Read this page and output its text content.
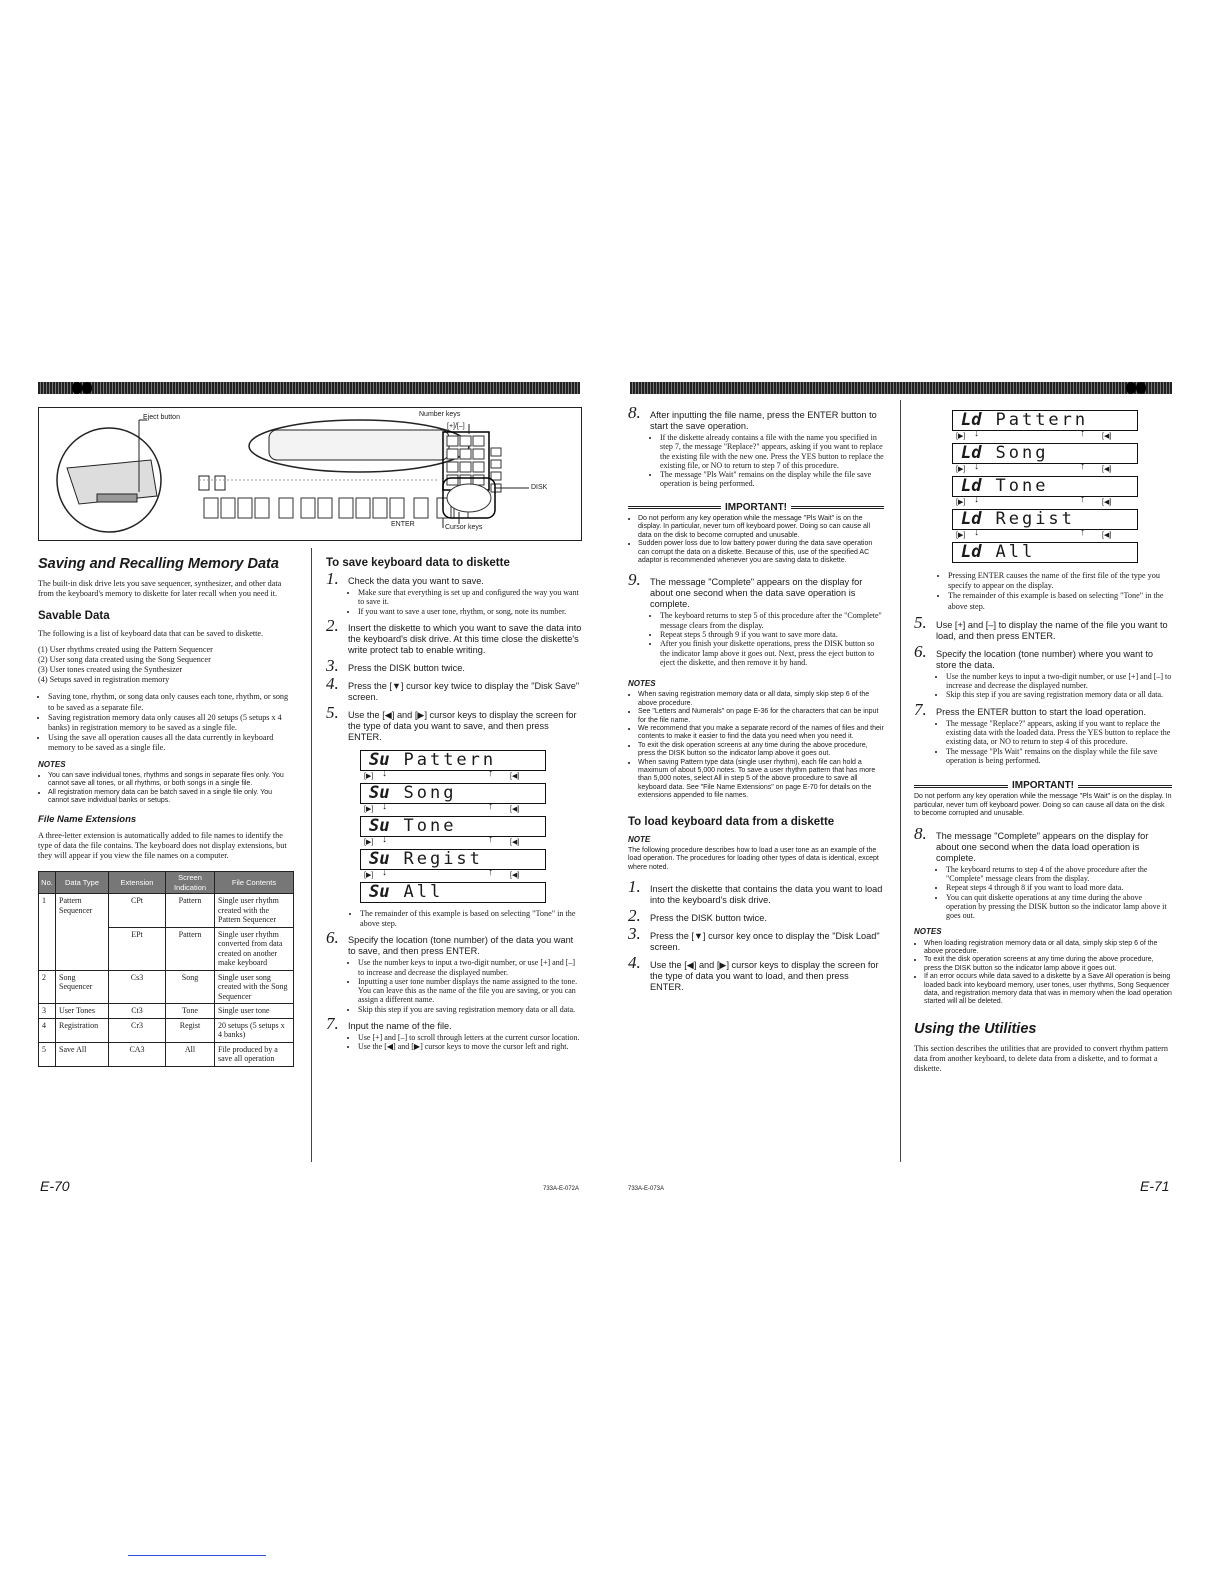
Eject button	Number keys
[+]/[–]
DISK
ENTER	Cursor keys
Saving and Recalling Memory Data

The built-in disk drive lets you save sequencer, synthesizer, and other data from the keyboard's memory to diskette for later recall when you need it.

Savable Data

The following is a list of keyboard data that can be saved to diskette.

(1) User rhythms created using the Pattern Sequencer
(2) User song data created using the Song Sequencer
(3) User tones created using the Synthesizer
(4) Setups saved in registration memory
• Saving tone, rhythm, or song data only causes each tone, rhythm, or song to be saved as a separate file.
• Saving registration memory data only causes all 20 setups (5 setups x 4 banks) in registration memory to be saved as a single file.
• Using the save all operation causes all the data currently in keyboard memory to be saved as a single file.
NOTES
• You can save individual tones, rhythms and songs in separate files only. You cannot save all tones, or all rhythms, or both songs in a single file.
• All registration memory data can be batch saved in a single file only. You cannot save individual banks or setups.
File Name Extensions

A three-letter extension is automatically added to file names to identify the type of data the file contains. The keyboard does not display extensions, but they will appear if you view the file names on a computer.

No.	Data Type	Extension	Screen Indication	File Contents
1	Pattern Sequencer	CPt	Pattern	Single user rhythm created with the Pattern Sequencer
		EPt	Pattern	Single user rhythm converted from data created on another make keyboard
2	Song Sequencer	Cs3	Song	Single user song created with the Song Sequencer
3	User Tones	Ct3	Tone	Single user tone
4	Registration	Cr3	Regist	20 setups (5 setups x 4 banks)
5	Save All	CA3	All	File produced by a save all operation
To save keyboard data to diskette
1. Check the data you want to save.
• Make sure that everything is set up and configured the way you want to save it.
• If you want to save a user tone, rhythm, or song, note its number.
2. Insert the diskette to which you want to save the data into the keyboard's disk drive. At this time close the diskette's write protect tab to enable writing.
3. Press the DISK button twice.
4. Press the [▼] cursor key twice to display the "Disk Save" screen.
5. Use the [◀] and [▶] cursor keys to display the screen for the type of data you want to save, and then press ENTER.
Su Pattern
[▶] ↓	↑ [◀]
Su Song
[▶] ↓	↑ [◀]
Su Tone
[▶] ↓	↑ [◀]
Su Regist
[▶] ↓	↑ [◀]
Su All
• The remainder of this example is based on selecting "Tone" in the above step.
6. Specify the location (tone number) of the data you want to save, and then press ENTER.
• Use the number keys to input a two-digit number, or use [+] and [–] to increase and decrease the displayed number.
• Inputting a user tone number displays the name assigned to the tone. You can leave this as the name of the file you are saving, or you can assign a different name.
• Skip this step if you are saving registration memory data or all data.
7. Input the name of the file.
• Use [+] and [–] to scroll through letters at the current cursor location.
• Use the [◀] and [▶] cursor keys to move the cursor left and right.
E-70	733A-E-072A
8. After inputting the file name, press the ENTER button to start the save operation.
• If the diskette already contains a file with the name you specified in step 7, the message "Replace?" appears, asking if you want to replace the existing file with the new one. Press the YES button to replace the existing file, or NO to return to step 7 of this procedure.
• The message "Pls Wait" remains on the display while the file save operation is being performed.
IMPORTANT!
• Do not perform any key operation while the message "Pls Wait" is on the display. In particular, never turn off keyboard power. Doing so can cause all data on the disk to become corrupted and unusable.
• Sudden power loss due to low battery power during the data save operation can corrupt the data on a diskette. Because of this, use of the specified AC adaptor is recommended whenever you are saving data to diskette.
9. The message "Complete" appears on the display for about one second when the data save operation is complete.
• The keyboard returns to step 5 of this procedure after the "Complete" message clears from the display.
• Repeat steps 5 through 9 if you want to save more data.
• After you finish your diskette operations, press the DISK button so the indicator lamp above it goes out. Next, press the eject button to eject the diskette, and then remove it by hand.
NOTES
• When saving registration memory data or all data, simply skip step 6 of the above procedure.
• See "Letters and Numerals" on page E-36 for the characters that can be input for the file name.
• We recommend that you make a separate record of the names of files and their contents to make it easier to find the data you need when you need it.
• To exit the disk operation screens at any time during the above procedure, press the DISK button so the indicator lamp above it goes out.
• When saving Pattern type data (single user rhythm), each file can hold a maximum of about 5,000 notes. To save a user rhythm pattern that has more than 5,000 notes, select All in step 5 of the above procedure to save all keyboard data. See "File Name Extensions" on page E-70 for details on the extensions appended to file names.
To load keyboard data from a diskette
NOTE

The following procedure describes how to load a user tone as an example of the load operation. The procedures for loading other types of data is identical, except where noted.

1. Insert the diskette that contains the data you want to load into the keyboard's disk drive.
2. Press the DISK button twice.
3. Press the [▼] cursor key once to display the "Disk Load" screen.
4. Use the [◀] and [▶] cursor keys to display the screen for the type of data you want to load, and then press ENTER.
Ld Pattern
[▶] ↓	↑ [◀]
Ld Song
[▶] ↓	↑ [◀]
Ld Tone
[▶] ↓	↑ [◀]
Ld Regist
[▶] ↓	↑ [◀]
Ld All
• Pressing ENTER causes the name of the first file of the type you specify to appear on the display.
• The remainder of this example is based on selecting "Tone" in the above step.
5. Use [+] and [–] to display the name of the file you want to load, and then press ENTER.
6. Specify the location (tone number) where you want to store the data.
• Use the number keys to input a two-digit number, or use [+] and [–] to increase and decrease the displayed number.
• Skip this step if you are saving registration memory data or all data.
7. Press the ENTER button to start the load operation.
• The message "Replace?" appears, asking if you want to replace the existing data with the loaded data. Press the YES button to replace the existing data, or NO to return to step 4 of this procedure.
• The message "Pls Wait" remains on the display while the file save operation is being performed.
IMPORTANT!

Do not perform any key operation while the message "Pls Wait" is on the display. In particular, never turn off keyboard power. Doing so can cause all data on the disk to become corrupted and unusable.

8. The message "Complete" appears on the display for about one second when the data load operation is complete.
• The keyboard returns to step 4 of the above procedure after the "Complete" message clears from the display.
• Repeat steps 4 through 8 if you want to load more data.
• You can quit diskette operations at any time during the above operation by pressing the DISK button so the indicator lamp above it goes out.
NOTES
• When loading registration memory data or all data, simply skip step 6 of the above procedure.
• To exit the disk operation screens at any time during the above procedure, press the DISK button so the indicator lamp above it goes out.
• If an error occurs while data saved to a diskette by a Save All operation is being loaded back into keyboard memory, user tones, user rhythms, Song Sequencer data, and registration memory data that was in memory when the load operation started will all be deleted.
Using the Utilities

This section describes the utilities that are provided to convert rhythm pattern data from another keyboard, to delete data from a diskette, and to format a diskette.

733A-E-073A	E-71
